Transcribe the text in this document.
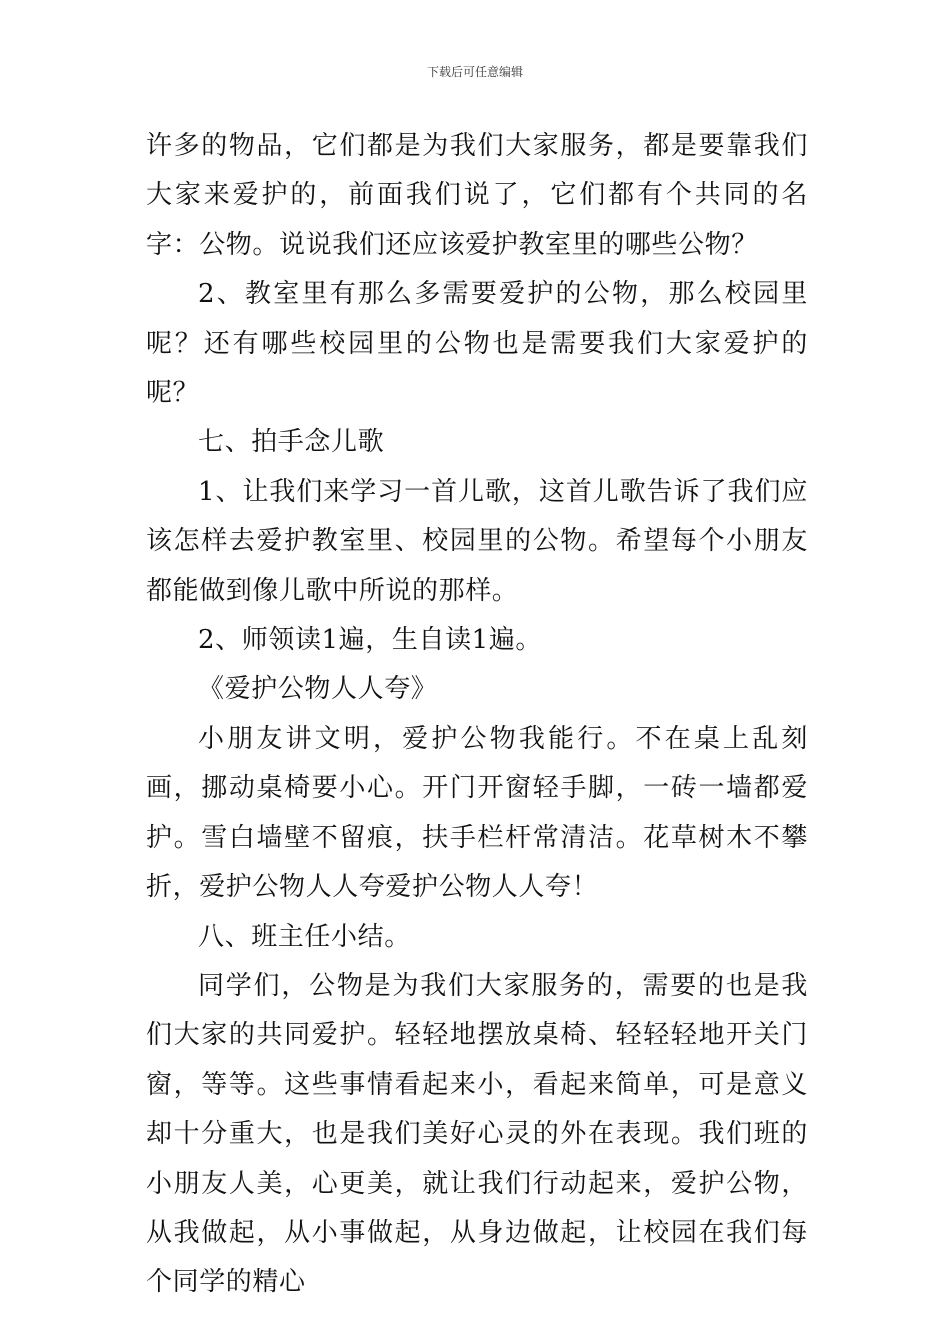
下载后可任意编辑

许多的物品，它们都是为我们大家服务，都是要靠我们大家来爱护的，前面我们说了，它们都有个共同的名字：公物。说说我们还应该爱护教室里的哪些公物？

2、教室里有那么多需要爱护的公物，那么校园里呢？还有哪些校园里的公物也是需要我们大家爱护的呢？

七、拍手念儿歌

1、让我们来学习一首儿歌，这首儿歌告诉了我们应该怎样去爱护教室里、校园里的公物。希望每个小朋友都能做到像儿歌中所说的那样。

2、师领读1遍，生自读1遍。

《爱护公物人人夸》

小朋友讲文明，爱护公物我能行。不在桌上乱刻画，挪动桌椅要小心。开门开窗轻手脚，一砖一墙都爱护。雪白墙壁不留痕，扶手栏杆常清洁。花草树木不攀折，爱护公物人人夸爱护公物人人夸！

八、班主任小结。

同学们，公物是为我们大家服务的，需要的也是我们大家的共同爱护。轻轻地摆放桌椅、轻轻轻地开关门窗，等等。这些事情看起来小，看起来简单，可是意义却十分重大，也是我们美好心灵的外在表现。我们班的小朋友人美，心更美，就让我们行动起来，爱护公物，从我做起，从小事做起，从身边做起，让校园在我们每个同学的精心
